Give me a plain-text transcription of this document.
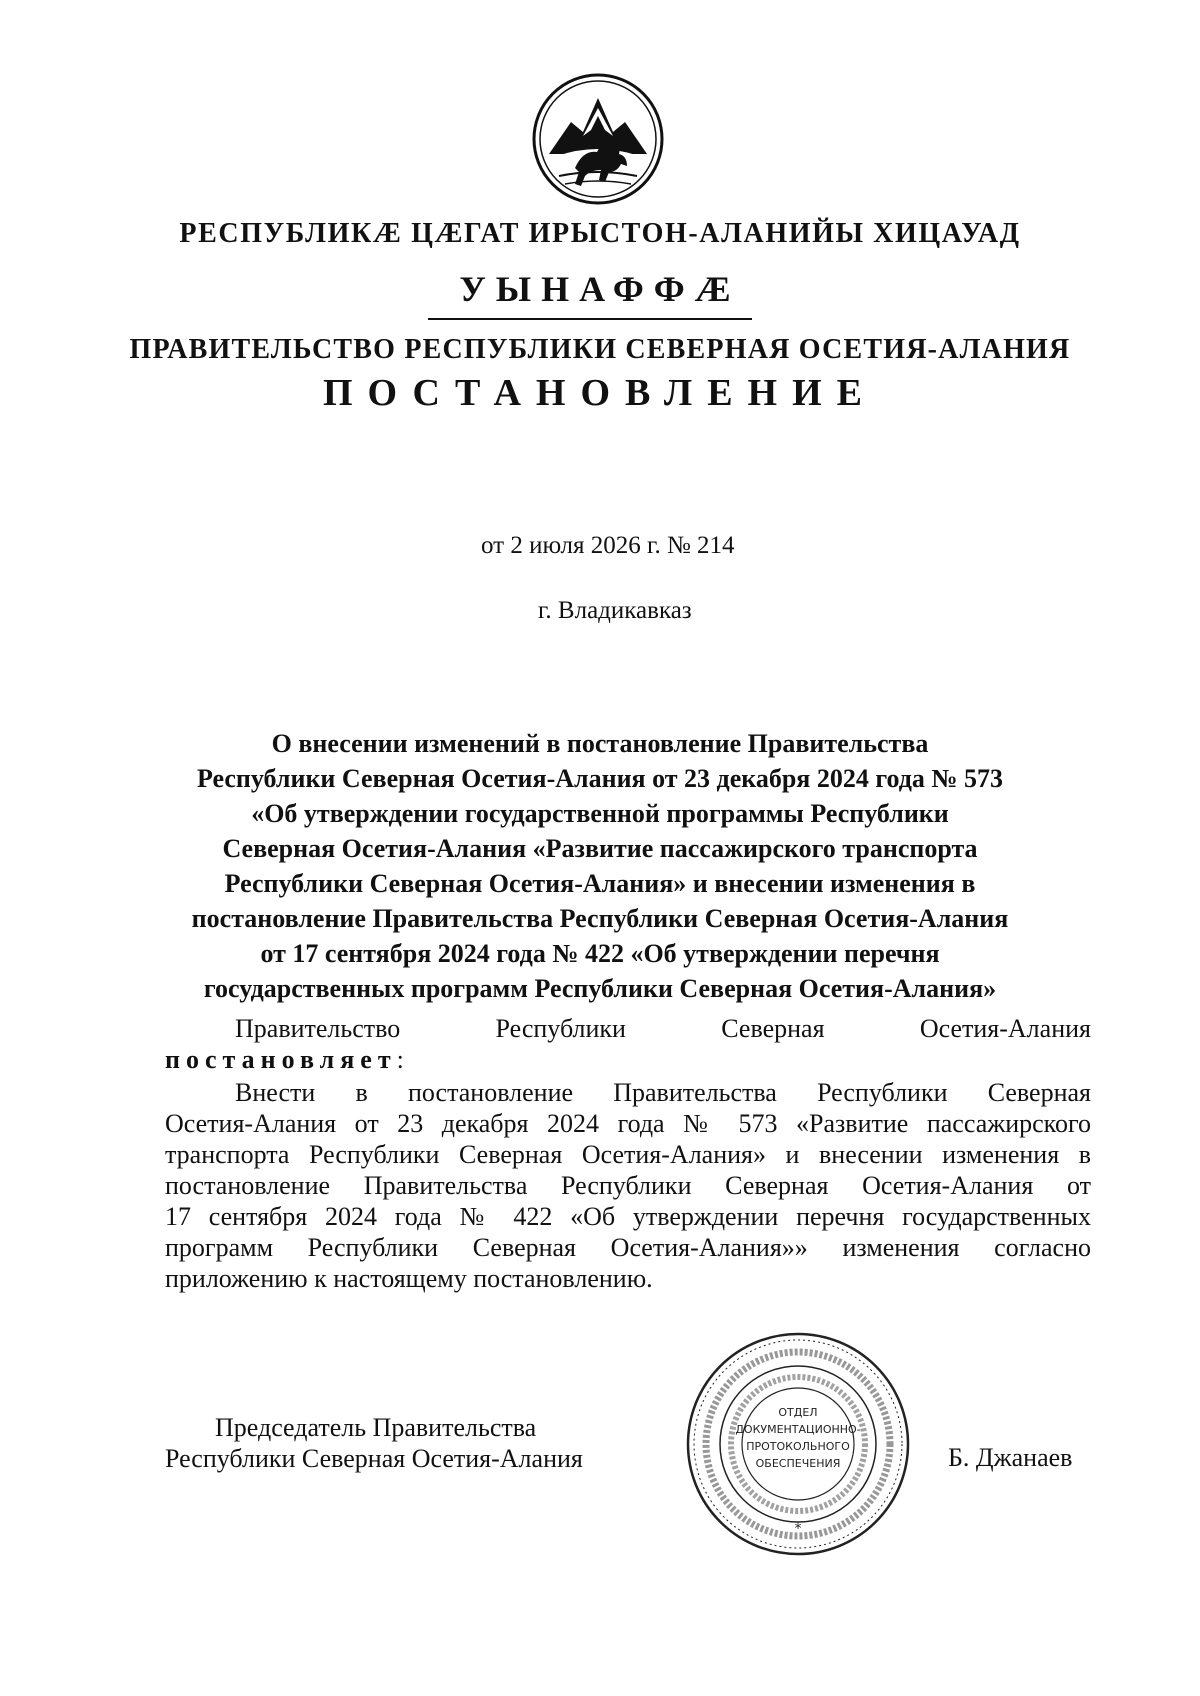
РЕСПУБЛИКÆ ЦÆГАТ ИРЫСТОН-АЛАНИЙЫ ХИЦАУАД
УЫНАФФÆ
ПРАВИТЕЛЬСТВО РЕСПУБЛИКИ СЕВЕРНАЯ ОСЕТИЯ-АЛАНИЯ
ПОСТАНОВЛЕНИЕ
от 2 июля 2026 г. № 214
г. Владикавказ
О внесении изменений в постановление Правительства
Республики Северная Осетия-Алания от 23 декабря 2024 года № 573
«Об утверждении государственной программы Республики
Северная Осетия-Алания «Развитие пассажирского транспорта
Республики Северная Осетия-Алания» и внесении изменения в
постановление Правительства Республики Северная Осетия-Алания
от 17 сентября 2024 года № 422 «Об утверждении перечня
государственных программ Республики Северная Осетия-Алания»
Правительство Республики Северная Осетия-Алания
постановляет:
Внести в постановление Правительства Республики Северная
Осетия-Алания от 23 декабря 2024 года № 573 «Развитие пассажирского
транспорта Республики Северная Осетия-Алания» и внесении изменения в
постановление Правительства Республики Северная Осетия-Алания от
17 сентября 2024 года № 422 «Об утверждении перечня государственных
программ Республики Северная Осетия-Алания»» изменения согласно
приложению к настоящему постановлению.
*
ОТДЕЛ
ДОКУМЕНТАЦИОННО-
ПРОТОКОЛЬНОГО
ОБЕСПЕЧЕНИЯ
Председатель Правительства
Республики Северная Осетия-Алания	Б. Джанаев
